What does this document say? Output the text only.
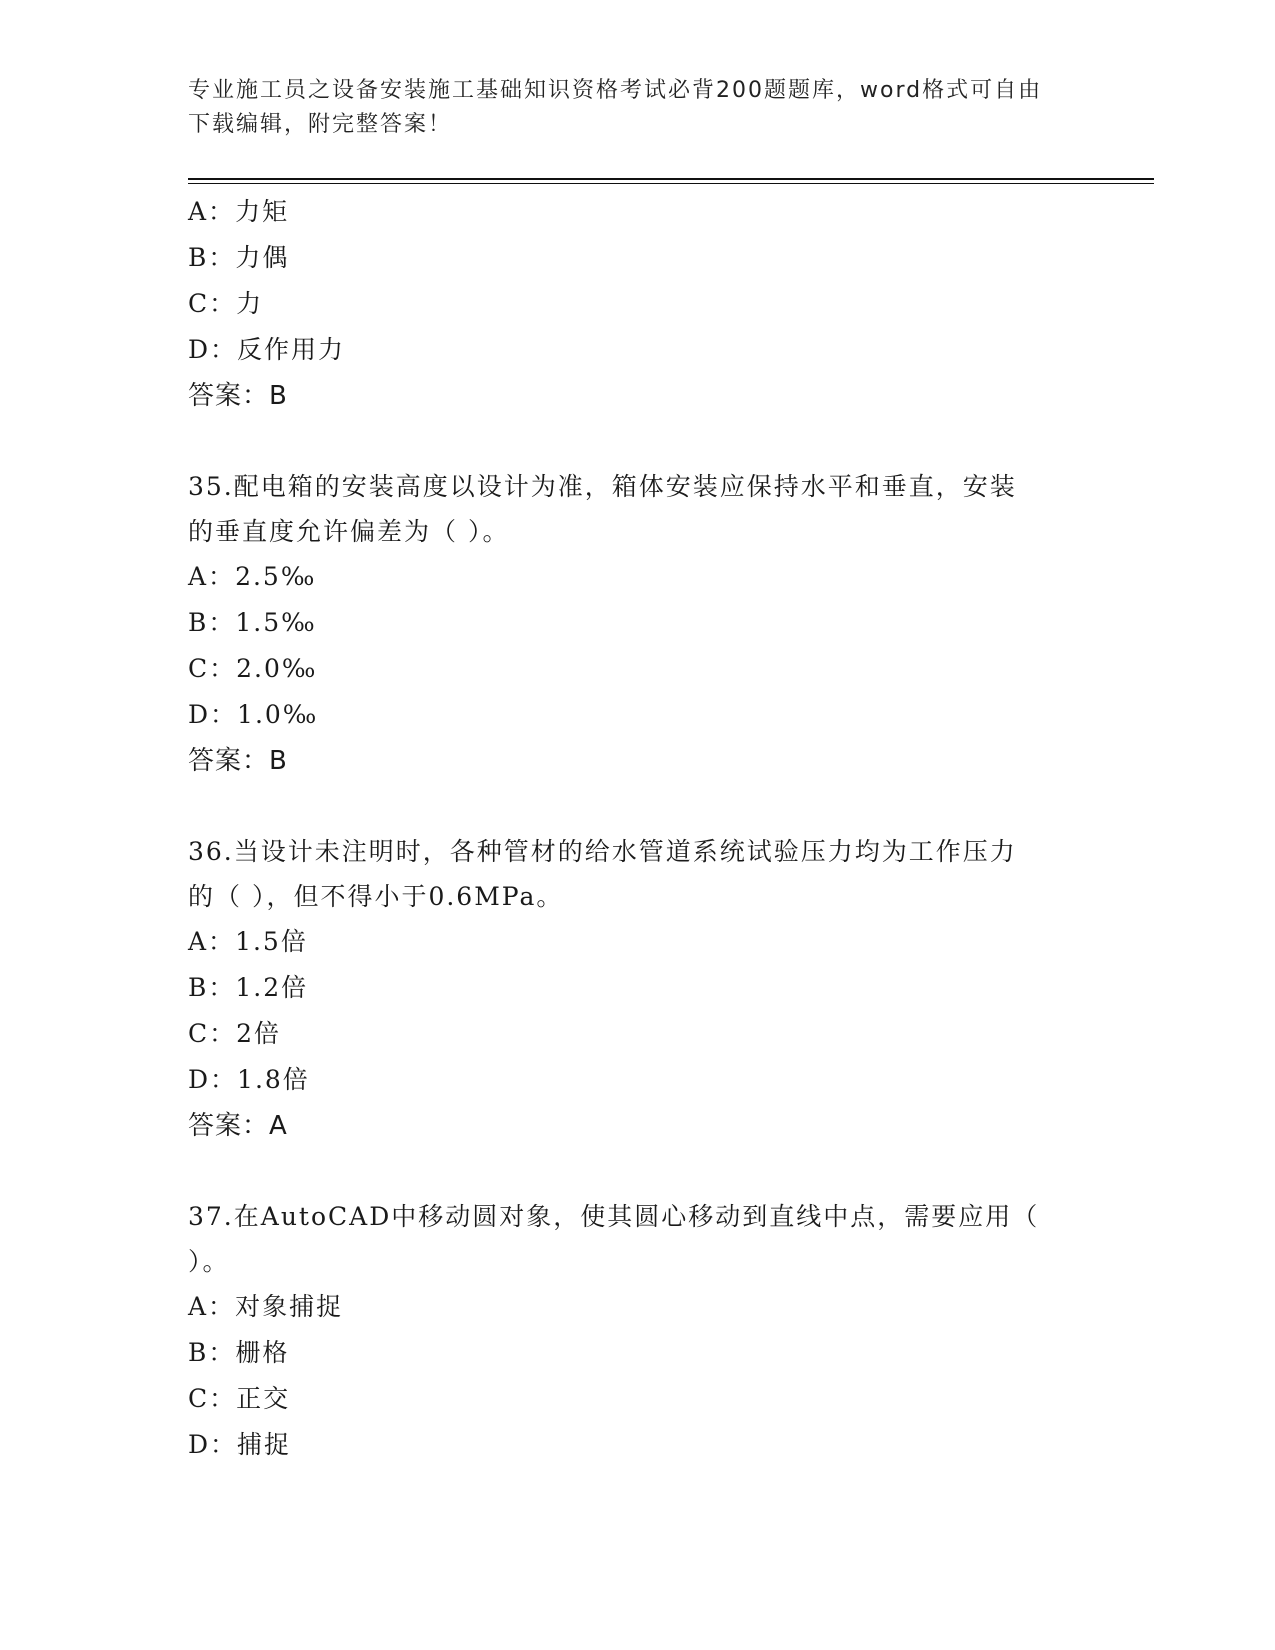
专业施工员之设备安装施工基础知识资格考试必背200题题库，word格式可自由
下载编辑，附完整答案！
A：力矩
B：力偶
C：力
D：反作用力
答案：B
35.配电箱的安装高度以设计为准，箱体安装应保持水平和垂直，安装
的垂直度允许偏差为（ ）。
A：2.5‰
B：1.5‰
C：2.0‰
D：1.0‰
答案：B
36.当设计未注明时，各种管材的给水管道系统试验压力均为工作压力
的（ ），但不得小于0.6MPa。
A：1.5倍
B：1.2倍
C：2倍
D：1.8倍
答案：A
37.在AutoCAD中移动圆对象，使其圆心移动到直线中点，需要应用（
）。
A：对象捕捉
B：栅格
C：正交
D：捕捉
